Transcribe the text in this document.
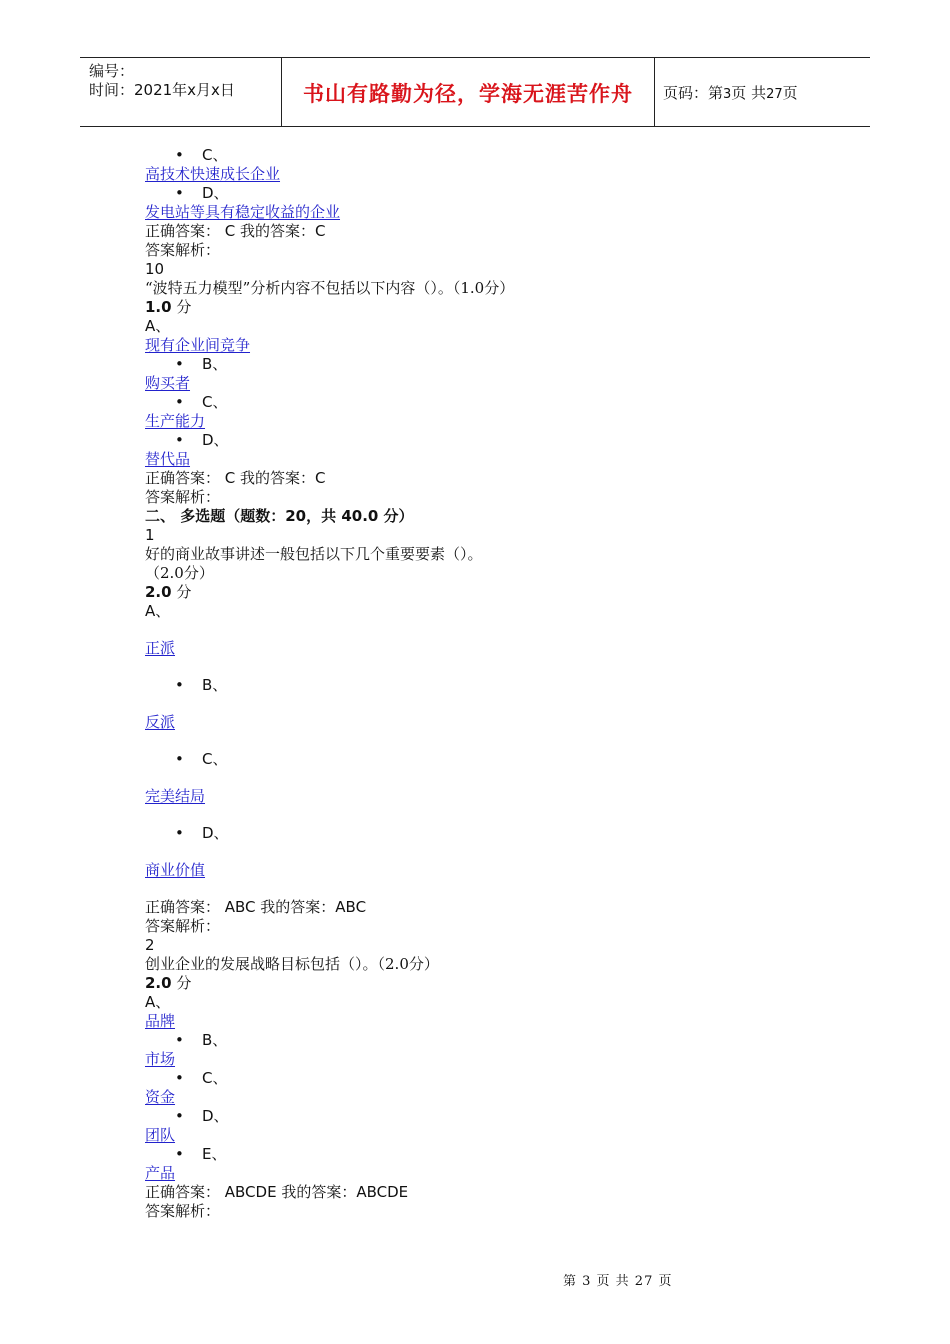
编号：
时间：2021年x月x日	书山有路勤为径，学海无涯苦作舟	页码：第3页 共27页
• C、
高技术快速成长企业
• D、
发电站等具有稳定收益的企业
正确答案： C 我的答案：C
答案解析：
10
“波特五力模型”分析内容不包括以下内容（）。（1.0分）
1.0 分
A、
现有企业间竞争
• B、
购买者
• C、
生产能力
• D、
替代品
正确答案： C 我的答案：C
答案解析：
二、 多选题（题数：20，共 40.0 分）
1
好的商业故事讲述一般包括以下几个重要要素（）。
（2.0分）
2.0 分
A、
正派
• B、
反派
• C、
完美结局
• D、
商业价值
正确答案： ABC 我的答案：ABC
答案解析：
2
创业企业的发展战略目标包括（）。（2.0分）
2.0 分
A、
品牌
• B、
市场
• C、
资金
• D、
团队
• E、
产品
正确答案： ABCDE 我的答案：ABCDE
答案解析：
第 3 页 共 27 页
